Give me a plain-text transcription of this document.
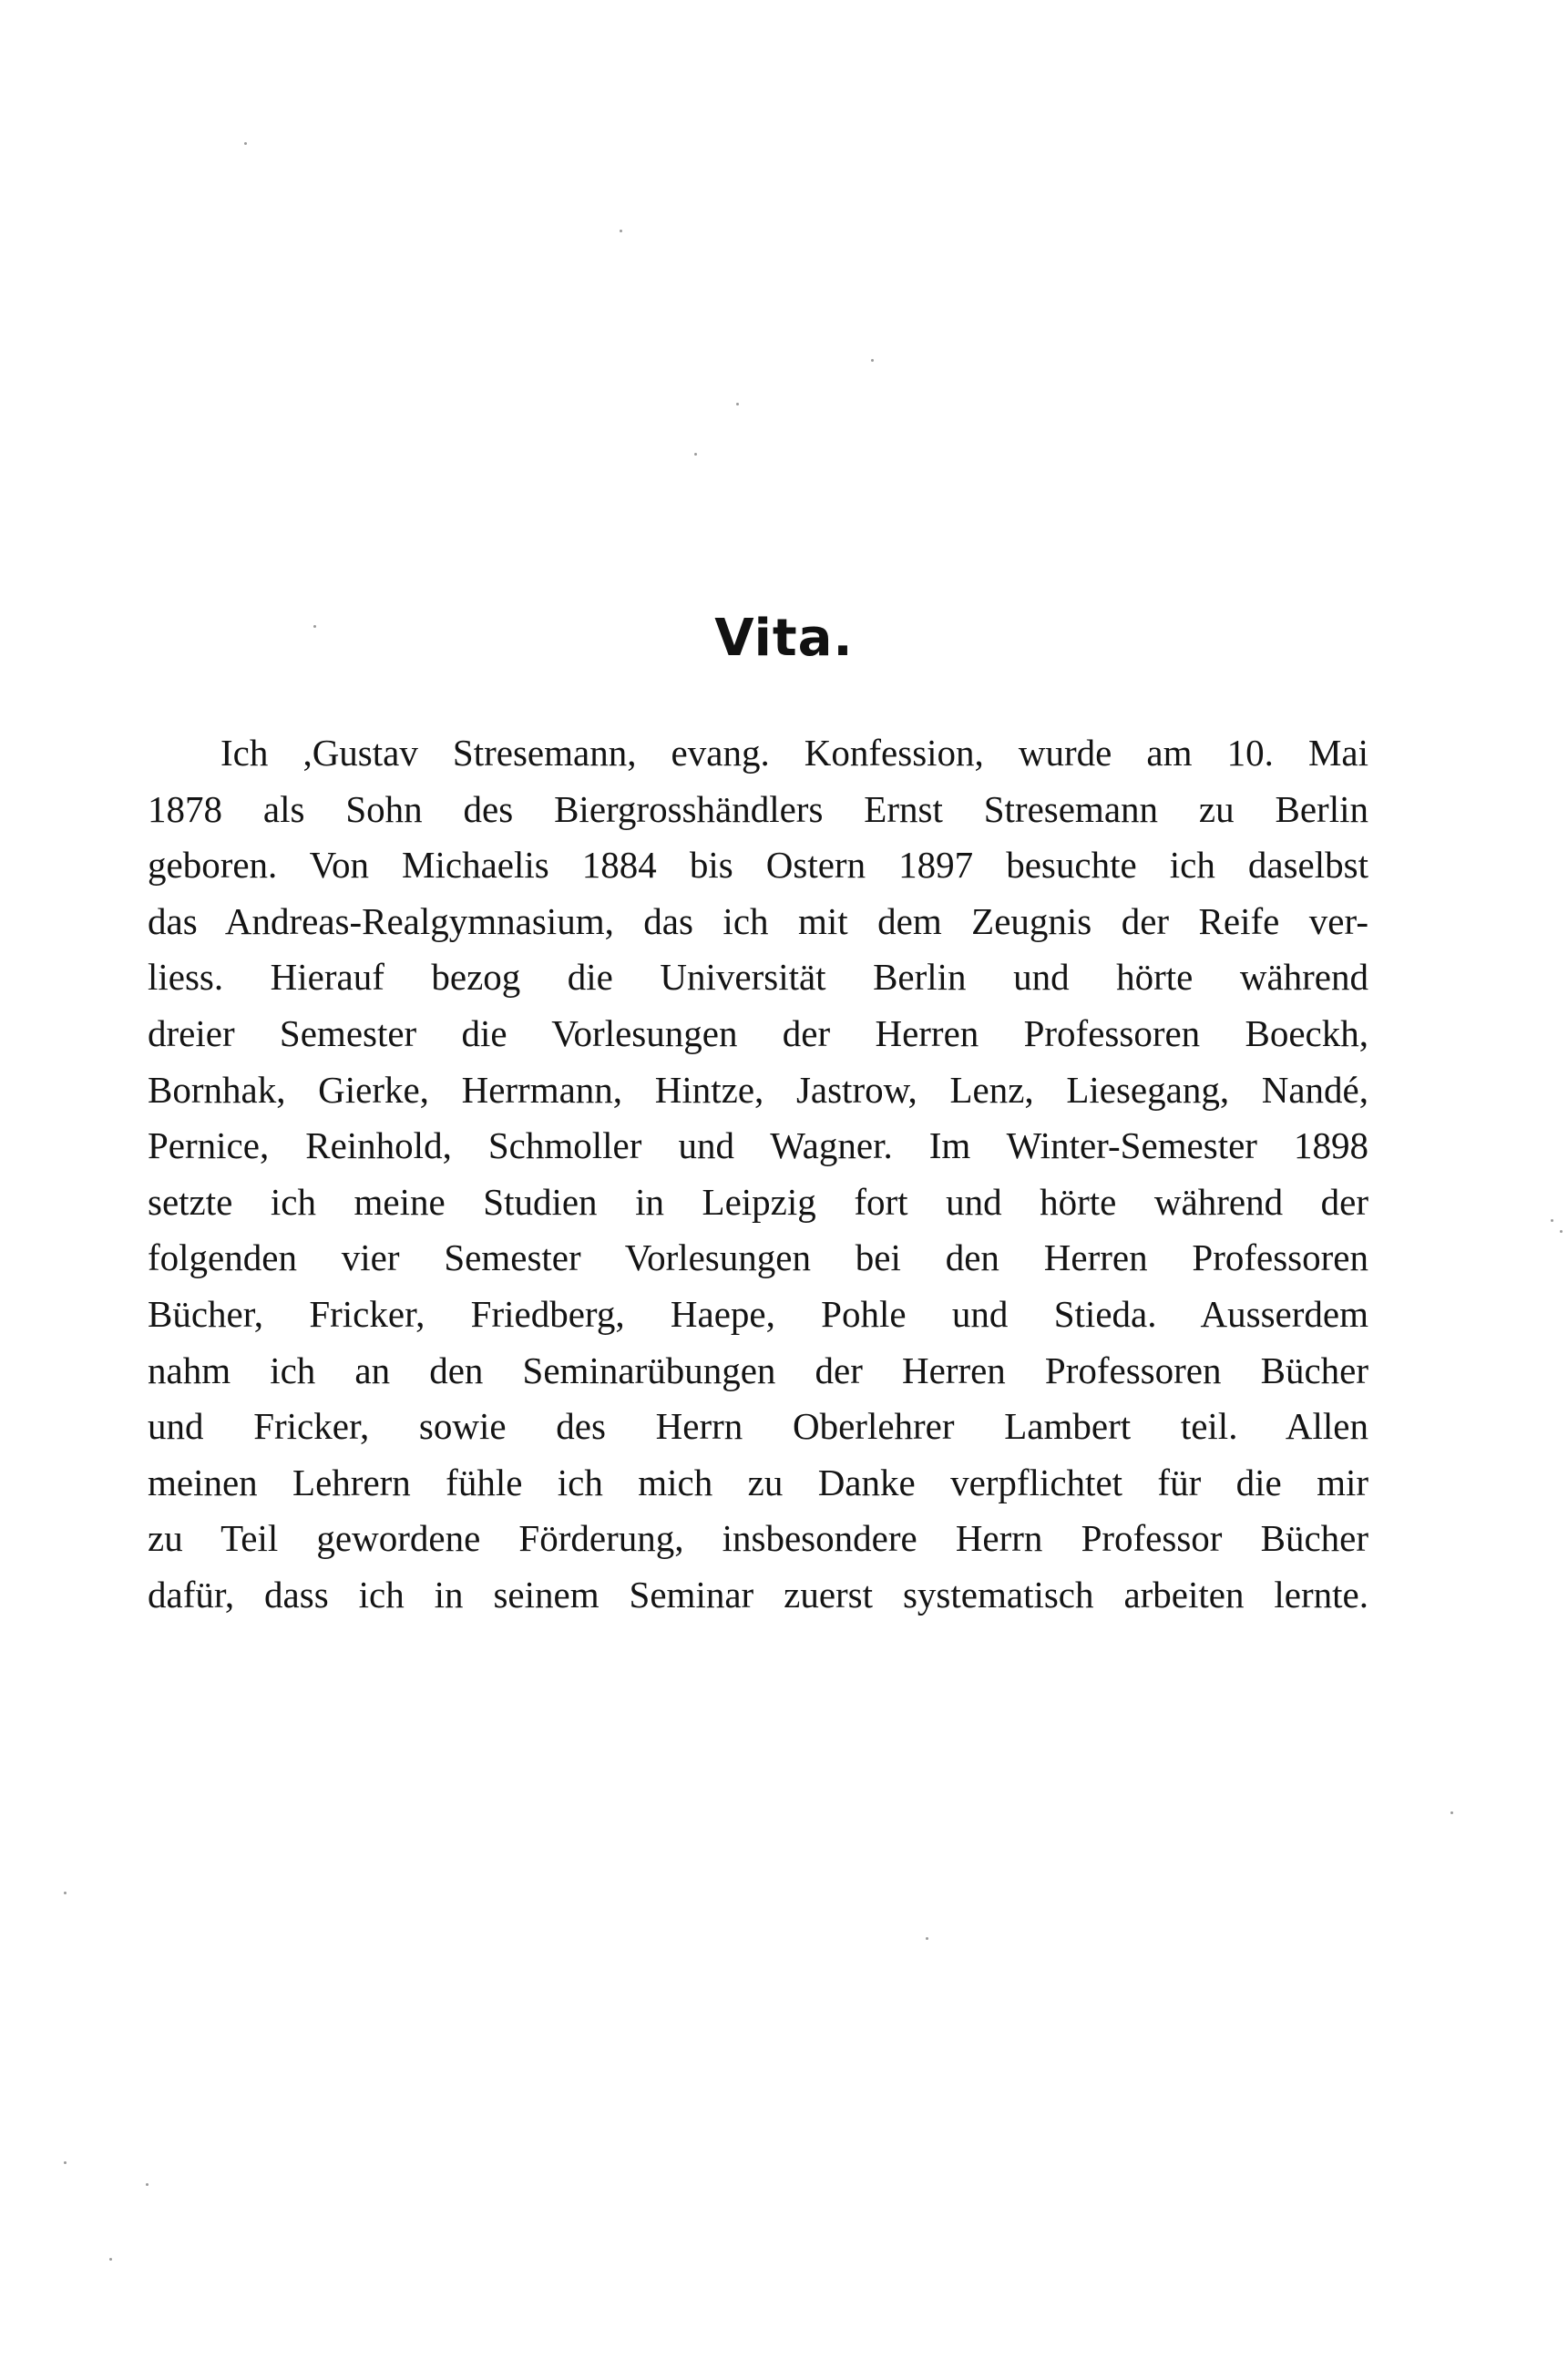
Vita.
Ich ,Gustav Stresemann, evang. Konfession, wurde am 10. Mai
1878 als Sohn des Biergrosshändlers Ernst Stresemann zu Berlin
geboren. Von Michaelis 1884 bis Ostern 1897 besuchte ich daselbst
das Andreas-Realgymnasium, das ich mit dem Zeugnis der Reife ver-
liess. Hierauf bezog die Universität Berlin und hörte während
dreier Semester die Vorlesungen der Herren Professoren Boeckh,
Bornhak, Gierke, Herrmann, Hintze, Jastrow, Lenz, Liesegang, Nandé,
Pernice, Reinhold, Schmoller und Wagner. Im Winter-Semester 1898
setzte ich meine Studien in Leipzig fort und hörte während der
folgenden vier Semester Vorlesungen bei den Herren Professoren
Bücher, Fricker, Friedberg, Haepe, Pohle und Stieda. Ausserdem
nahm ich an den Seminarübungen der Herren Professoren Bücher
und Fricker, sowie des Herrn Oberlehrer Lambert teil. Allen
meinen Lehrern fühle ich mich zu Danke verpflichtet für die mir
zu Teil gewordene Förderung, insbesondere Herrn Professor Bücher
dafür, dass ich in seinem Seminar zuerst systematisch arbeiten lernte.
